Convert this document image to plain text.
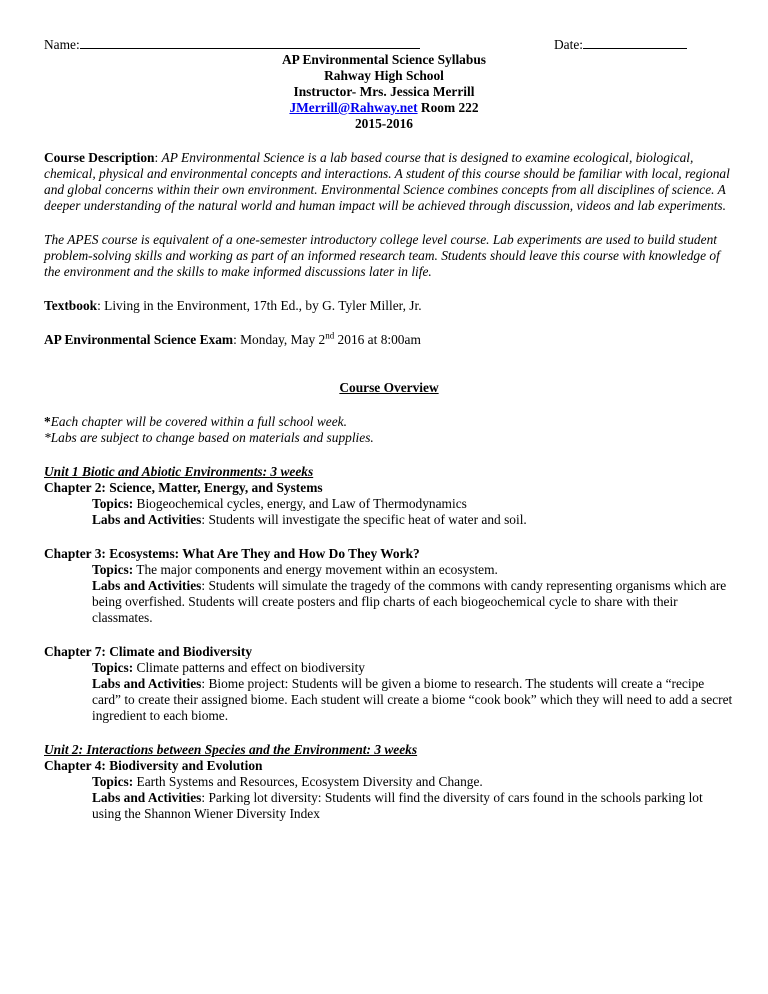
Name:	Date:
AP Environmental Science Syllabus
Rahway High School
Instructor- Mrs. Jessica Merrill
JMerrill@Rahway.net Room 222
2015-2016

Course Description: AP Environmental Science is a lab based course that is designed to examine ecological, biological, chemical, physical and environmental concepts and interactions. A student of this course should be familiar with local, regional and global concerns within their own environment. Environmental Science combines concepts from all disciplines of science. A deeper understanding of the natural world and human impact will be achieved through discussion, videos and lab experiments.

The APES course is equivalent of a one-semester introductory college level course. Lab experiments are used to build student problem-solving skills and working as part of an informed research team. Students should leave this course with knowledge of the environment and the skills to make informed discussions later in life.

Textbook: Living in the Environment, 17th Ed., by G. Tyler Miller, Jr.

AP Environmental Science Exam: Monday, May 2nd 2016 at 8:00am

Course Overview
*Each chapter will be covered within a full school week.
*Labs are subject to change based on materials and supplies.
Unit 1 Biotic and Abiotic Environments: 3 weeks
Chapter 2: Science, Matter, Energy, and Systems
Topics: Biogeochemical cycles, energy, and Law of Thermodynamics
Labs and Activities: Students will investigate the specific heat of water and soil.
Chapter 3: Ecosystems: What Are They and How Do They Work?
Topics: The major components and energy movement within an ecosystem.
Labs and Activities: Students will simulate the tragedy of the commons with candy representing organisms which are being overfished. Students will create posters and flip charts of each biogeochemical cycle to share with their classmates.
Chapter 7: Climate and Biodiversity
Topics: Climate patterns and effect on biodiversity
Labs and Activities: Biome project: Students will be given a biome to research. The students will create a “recipe card” to create their assigned biome. Each student will create a biome “cook book” which they will need to add a secret ingredient to each biome.
Unit 2: Interactions between Species and the Environment: 3 weeks
Chapter 4: Biodiversity and Evolution
Topics: Earth Systems and Resources, Ecosystem Diversity and Change.
Labs and Activities: Parking lot diversity: Students will find the diversity of cars found in the schools parking lot using the Shannon Wiener Diversity Index
